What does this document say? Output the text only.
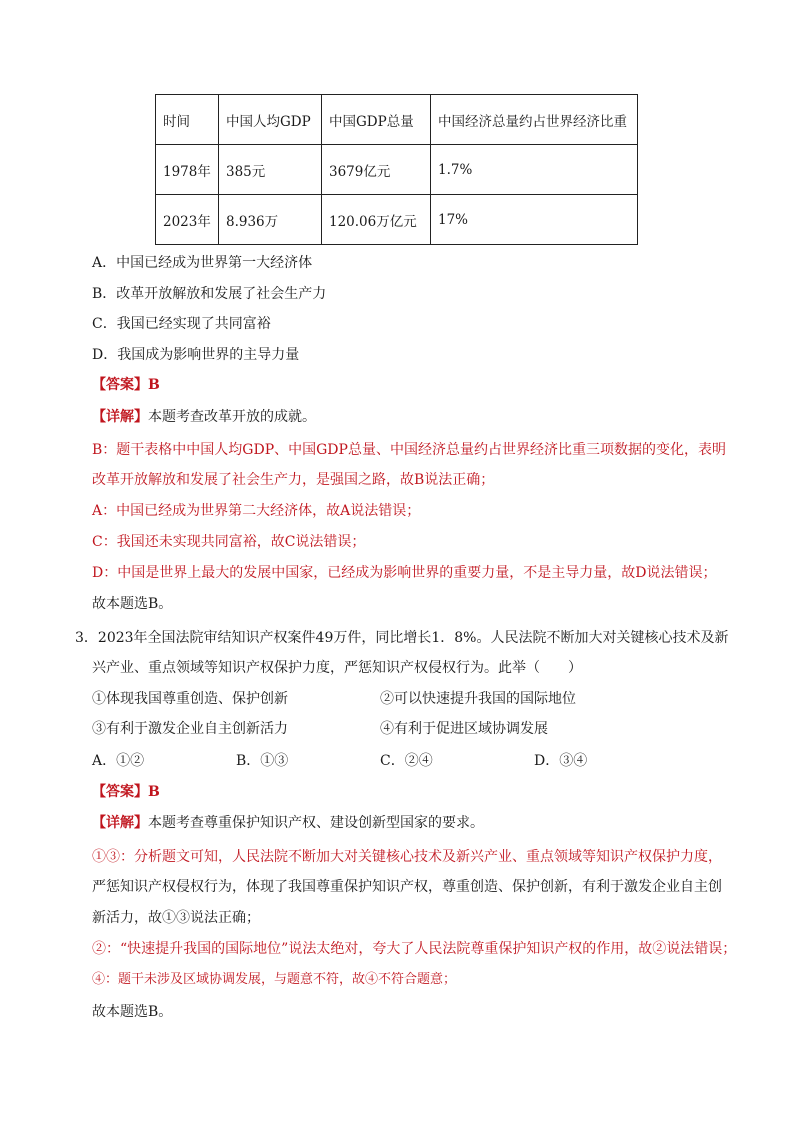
时间	中国人均GDP	中国GDP总量	中国经济总量约占世界经济比重
1978年	385元	3679亿元	1.7%
2023年	8.936万	120.06万亿元	17%
A．中国已经成为世界第一大经济体
B．改革开放解放和发展了社会生产力
C．我国已经实现了共同富裕
D．我国成为影响世界的主导力量
【答案】B
【详解】本题考查改革开放的成就。
B：题干表格中中国人均GDP、中国GDP总量、中国经济总量约占世界经济比重三项数据的变化，表明
改革开放解放和发展了社会生产力，是强国之路，故B说法正确；
A：中国已经成为世界第二大经济体，故A说法错误；
C：我国还未实现共同富裕，故C说法错误；
D：中国是世界上最大的发展中国家，已经成为影响世界的重要力量，不是主导力量，故D说法错误；
故本题选B。
3．2023年全国法院审结知识产权案件49万件，同比增长1．8%。人民法院不断加大对关键核心技术及新
兴产业、重点领域等知识产权保护力度，严惩知识产权侵权行为。此举（　　）
①体现我国尊重创造、保护创新	②可以快速提升我国的国际地位
③有利于激发企业自主创新活力	④有利于促进区域协调发展
A．①②	B．①③	C．②④	D．③④
【答案】B
【详解】本题考查尊重保护知识产权、建设创新型国家的要求。
①③：分析题文可知，人民法院不断加大对关键核心技术及新兴产业、重点领域等知识产权保护力度，
严惩知识产权侵权行为，体现了我国尊重保护知识产权，尊重创造、保护创新，有利于激发企业自主创
新活力，故①③说法正确；
②：“快速提升我国的国际地位”说法太绝对，夸大了人民法院尊重保护知识产权的作用，故②说法错误；
④：题干未涉及区域协调发展，与题意不符，故④不符合题意；
故本题选B。
